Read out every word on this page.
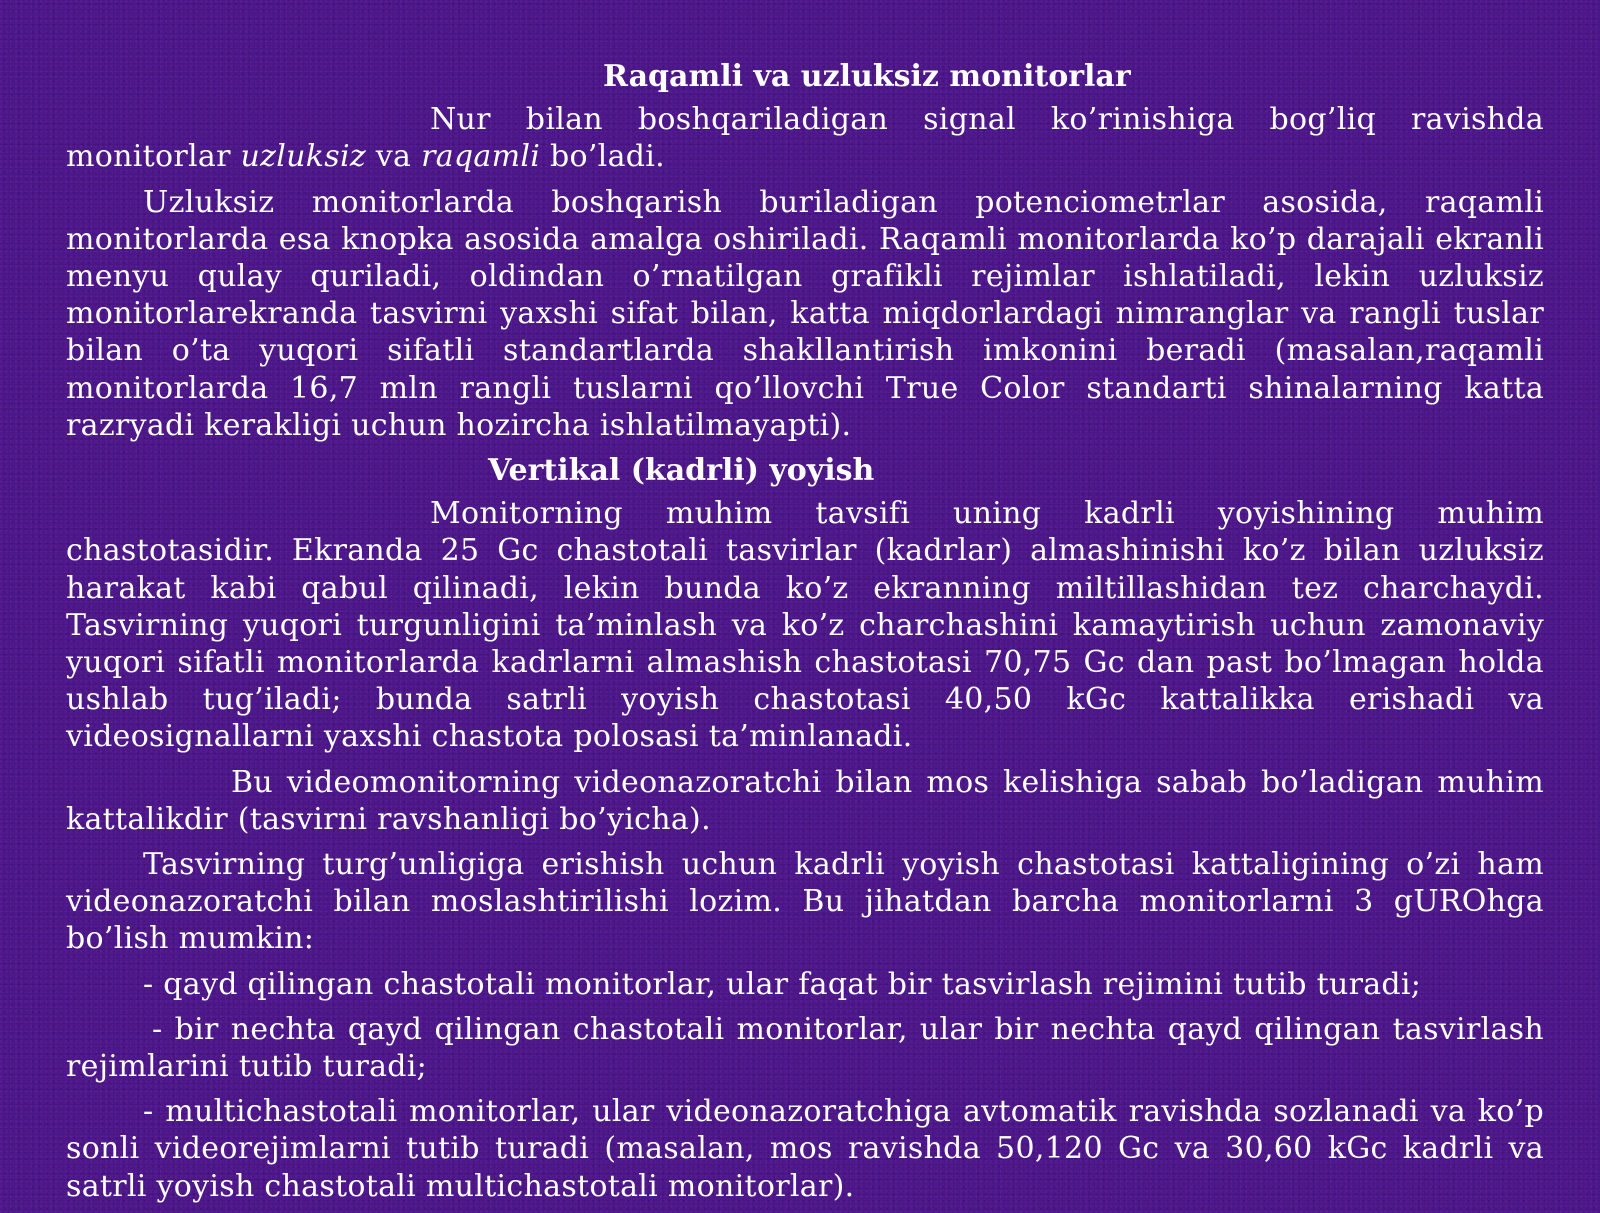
Raqamli va uzluksiz monitorlar

Nur bilan boshqariladigan signal ko’rinishiga bog’liq ravishda monitorlar uzluksiz va raqamli bo’ladi.

Uzluksiz monitorlarda boshqarish buriladigan potenciometrlar asosida, raqamli monitorlarda esa knopka asosida amalga oshiriladi. Raqamli monitorlarda ko’p darajali ekranli menyu qulay quriladi, oldindan o’rnatilgan grafikli rejimlar ishlatiladi, lekin uzluksiz monitorlarekranda tasvirni yaxshi sifat bilan, katta miqdorlardagi nimranglar va rangli tuslar bilan o’ta yuqori sifatli standartlarda shakllantirish imkonini beradi (masalan,raqamli monitorlarda 16,7 mln rangli tuslarni qo’llovchi True Color standarti shinalarning katta razryadi kerakligi uchun hozircha ishlatilmayapti).

Vertikal (kadrli) yoyish

Monitorning muhim tavsifi uning kadrli yoyishining muhim chastotasidir. Ekranda 25 Gc chastotali tasvirlar (kadrlar) almashinishi ko’z bilan uzluksiz harakat kabi qabul qilinadi, lekin bunda ko’z ekranning miltillashidan tez charchaydi. Tasvirning yuqori turgunligini ta’minlash va ko’z charchashini kamaytirish uchun zamonaviy yuqori sifatli monitorlarda kadrlarni almashish chastotasi 70,75 Gc dan past bo’lmagan holda ushlab tug’iladi; bunda satrli yoyish chastotasi 40,50 kGc kattalikka erishadi va videosignallarni yaxshi chastota polosasi ta’minlanadi.

Bu videomonitorning videonazoratchi bilan mos kelishiga sabab bo’ladigan muhim kattalikdir (tasvirni ravshanligi bo’yicha).

Tasvirning turg’unligiga erishish uchun kadrli yoyish chastotasi kattaligining o’zi ham videonazoratchi bilan moslashtirilishi lozim. Bu jihatdan barcha monitorlarni 3 gUROhga bo’lish mumkin:

- qayd qilingan chastotali monitorlar, ular faqat bir tasvirlash rejimini tutib turadi;

- bir nechta qayd qilingan chastotali monitorlar, ular bir nechta qayd qilingan tasvirlash rejimlarini tutib turadi;

- multichastotali monitorlar, ular videonazoratchiga avtomatik ravishda sozlanadi va ko’p sonli videorejimlarni tutib turadi (masalan, mos ravishda 50,120 Gc va 30,60 kGc kadrli va satrli yoyish chastotali multichastotali monitorlar).
